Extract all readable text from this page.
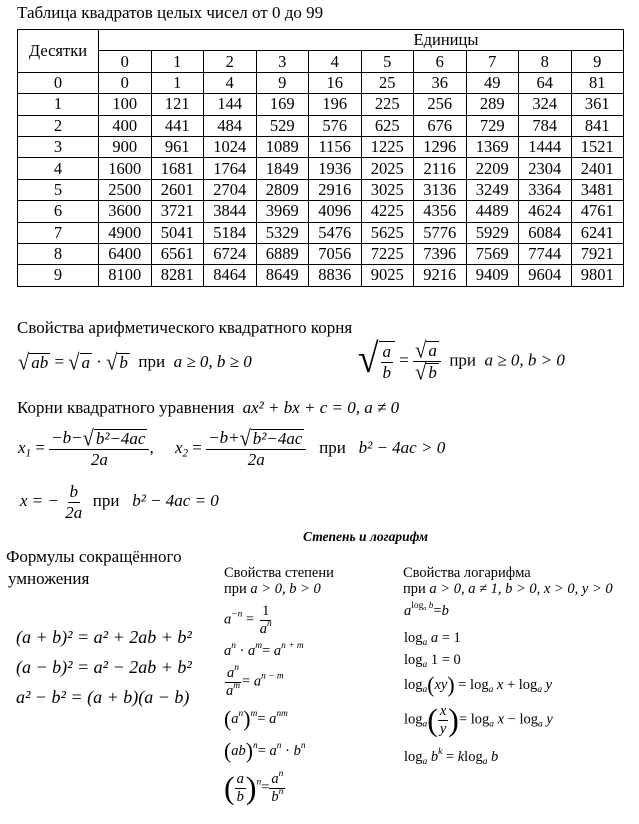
Таблица квадратов целых чисел от 0 до 99
Десятки	Единицы									
	0	1	2	3	4	5	6	7	8	9
0	0	1	4	9	16	25	36	49	64	81
1	100	121	144	169	196	225	256	289	324	361
2	400	441	484	529	576	625	676	729	784	841
3	900	961	1024	1089	1156	1225	1296	1369	1444	1521
4	1600	1681	1764	1849	1936	2025	2116	2209	2304	2401
5	2500	2601	2704	2809	2916	3025	3136	3249	3364	3481
6	3600	3721	3844	3969	4096	4225	4356	4489	4624	4761
7	4900	5041	5184	5329	5476	5625	5776	5929	6084	6241
8	6400	6561	6724	6889	7056	7225	7396	7569	7744	7921
9	8100	8281	8464	8649	8836	9025	9216	9409	9604	9801
Свойства арифметического квадратного корня
√ ab = √ a · √ b при a ≥ 0, b ≥ 0	√ $\frac{a}{b} = \frac{√ a}{√ b}$ при a ≥ 0, b > 0
Корни квадратного уравнения ax² + bx + c = 0, a ≠ 0
$x_1 = \frac{\text{−b− √ b²−4ac}}{2a}$ , $x_2 = \frac{\text{−b+ √ b²−4ac}}{2a}$ при b² − 4ac > 0
x = − $\frac{b}{2a}$ при b² − 4ac = 0
Степень и логарифм
Формулы сокращённого
умножения
(a + b)² = a² + 2ab + b²
(a − b)² = a² − 2ab + b²
a² − b² = (a + b)(a − b)
Свойства степени
при a > 0, b > 0
$a^{-n} = \frac{1}{a^n}$
$a^n \cdot a^m= a^{n + m}$
$\frac{a^n}{a^m} = a^{n - m}$
$(a^n)^m= a^{nm}$
$(ab)^n= a^n \cdot b^n$
( $\frac{a}{b} )^n= \frac{a^n}{b^n}$
Свойства логарифма
при a > 0, a ≠ 1, b > 0, x > 0, y > 0
$a^{log_a b}=b$
$\log_a a = 1$
$\log_a 1 = 0$
$\log_a(xy) = \log_a x + \log_a y$
$\log_a( \frac{x}{y}$ )= $\log_a x - \log_a y$
$\log_a b^k = klog_a$ b
